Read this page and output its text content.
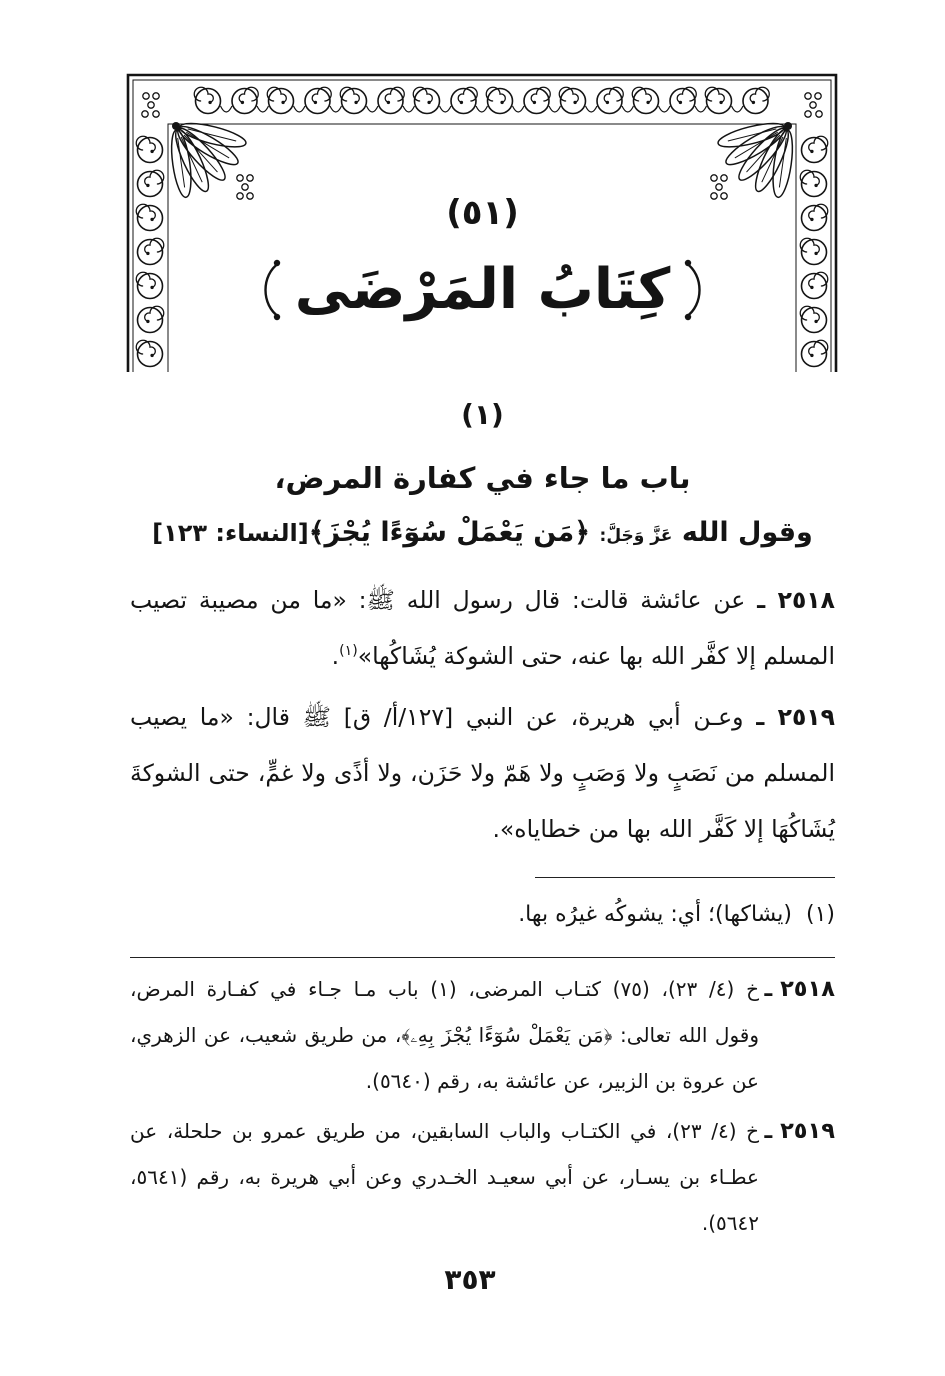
(٥١)
كِتَابُ المَرْضَى
(١)
باب ما جاء في كفارة المرض،
وقول الله عَزَّ وَجَلَّ: ﴿مَن يَعْمَلْ سُوٓءًا يُجْزَ﴾[النساء: ١٢٣]
٢٥١٨ ـ عن عائشة قالت: قال رسول الله ﷺ: «ما من مصيبة تصيب
المسلم إلا كفَّر الله بها عنه، حتى الشوكة يُشَاكُها»$^{(١)}$.
٢٥١٩ ـ وعـن أبي هريرة، عن النبي [١٢٧/أ/ ق] ﷺ قال: «ما يصيب
المسلم من نَصَبٍ ولا وَصَبٍ ولا هَمّ ولا حَزَن، ولا أذًى ولا غمٍّ، حتى الشوكةَ
يُشَاكُهَا إلا كَفَّر الله بها من خطاياه».
(١)(يشاكها)؛ أي: يشوكُه غيرُه بها.
٢٥١٨ ـ
خ (٤/ ٢٣)، (٧٥) كتـاب المرضى، (١) باب مـا جـاء في كفـارة المرض،
وقول الله تعالى: ﴿مَن يَعْمَلْ سُوٓءًا يُجْزَ بِهِۦ﴾، من طريق شعيب، عن الزهري،
عن عروة بن الزبير، عن عائشة به، رقم (٥٦٤٠).
٢٥١٩ ـ
خ (٤/ ٢٣)، في الكتـاب والباب السابقين، من طريق عمرو بن حلحلة، عن
عطـاء بن يسـار، عن أبي سعيـد الخـدري وعن أبي هريرة به، رقم (٥٦٤١،
٥٦٤٢).
٣٥٣
